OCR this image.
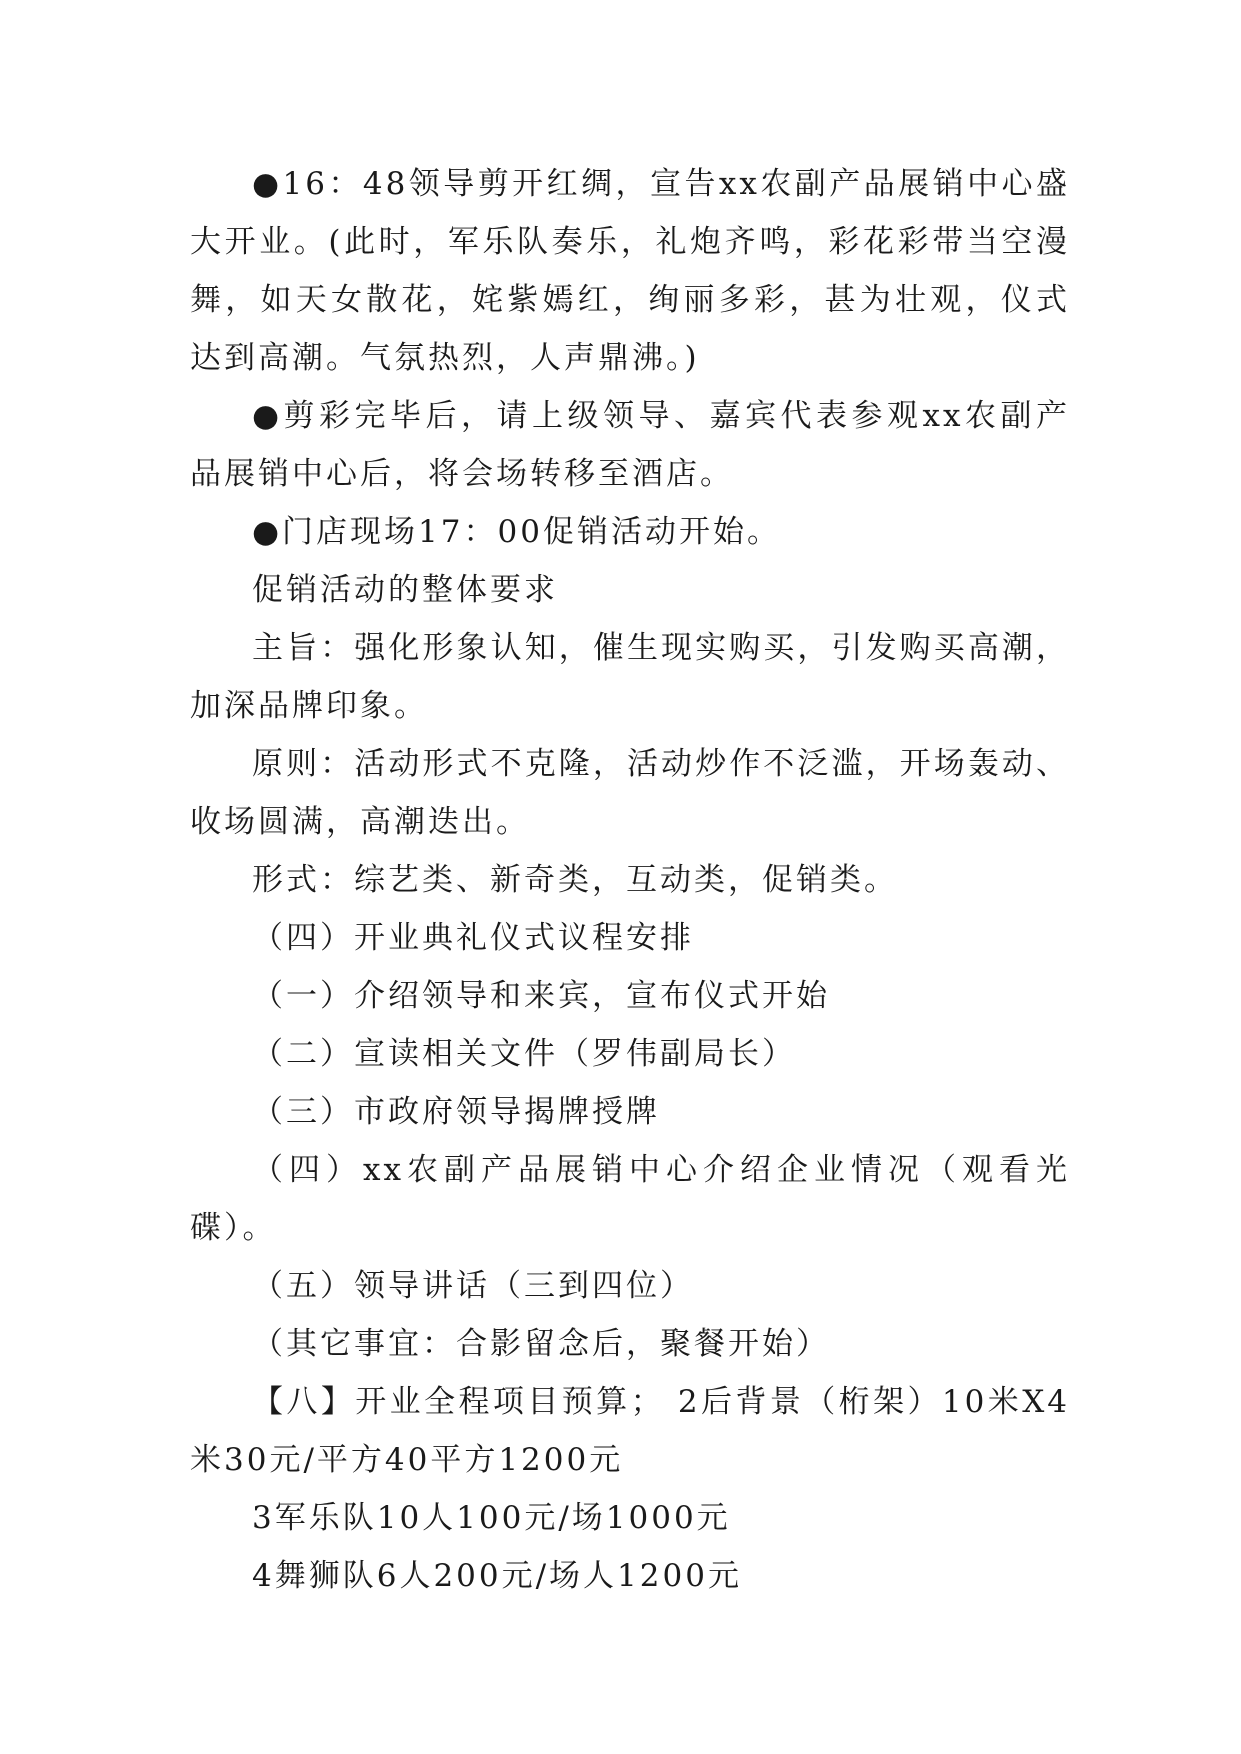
●16：48领导剪开红绸，宣告xx农副产品展销中心盛大开业。(此时，军乐队奏乐，礼炮齐鸣，彩花彩带当空漫舞，如天女散花，姹紫嫣红，绚丽多彩，甚为壮观，仪式达到高潮。气氛热烈，人声鼎沸。)

●剪彩完毕后，请上级领导、嘉宾代表参观xx农副产品展销中心后，将会场转移至酒店。

●门店现场17：00促销活动开始。

促销活动的整体要求

主旨：强化形象认知，催生现实购买，引发购买高潮，加深品牌印象。

原则：活动形式不克隆，活动炒作不泛滥，开场轰动、收场圆满，高潮迭出。

形式：综艺类、新奇类，互动类，促销类。

（四）开业典礼仪式议程安排

（一）介绍领导和来宾，宣布仪式开始

（二）宣读相关文件（罗伟副局长）

（三）市政府领导揭牌授牌

（四）xx农副产品展销中心介绍企业情况（观看光碟）。

（五）领导讲话（三到四位）

（其它事宜：合影留念后，聚餐开始）

【八】开业全程项目预算； 2后背景（桁架）10米X4米30元/平方40平方1200元

3军乐队10人100元/场1000元

4舞狮队6人200元/场人1200元
